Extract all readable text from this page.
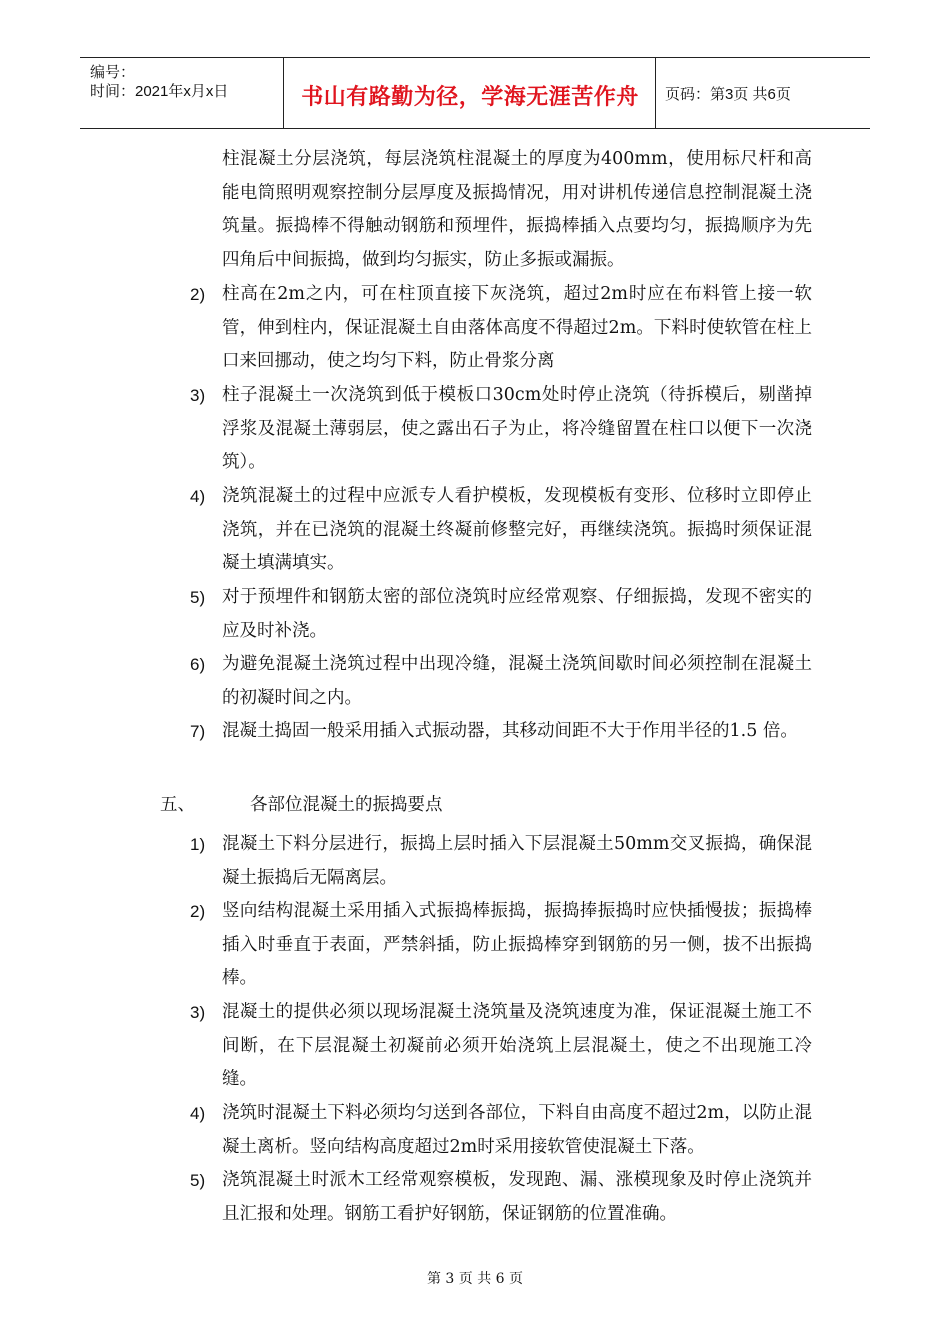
编号：
时间：2021年x月x日	书山有路勤为径，学海无涯苦作舟	页码：第3页 共6页
柱混凝土分层浇筑，每层浇筑柱混凝土的厚度为400mm，使用标尺杆和高能电筒照明观察控制分层厚度及振捣情况，用对讲机传递信息控制混凝土浇筑量。振捣棒不得触动钢筋和预埋件，振捣棒插入点要均匀，振捣顺序为先四角后中间振捣，做到均匀振实，防止多振或漏振。
2) 柱高在2m之内，可在柱顶直接下灰浇筑，超过2m时应在布料管上接一软管，伸到柱内，保证混凝土自由落体高度不得超过2m。下料时使软管在柱上口来回挪动，使之均匀下料，防止骨浆分离
3) 柱子混凝土一次浇筑到低于模板口30cm处时停止浇筑（待拆模后，剔凿掉浮浆及混凝土薄弱层，使之露出石子为止，将冷缝留置在柱口以便下一次浇筑）。
4) 浇筑混凝土的过程中应派专人看护模板，发现模板有变形、位移时立即停止浇筑，并在已浇筑的混凝土终凝前修整完好，再继续浇筑。振捣时须保证混凝土填满填实。
5) 对于预埋件和钢筋太密的部位浇筑时应经常观察、仔细振捣，发现不密实的应及时补浇。
6) 为避免混凝土浇筑过程中出现冷缝，混凝土浇筑间歇时间必须控制在混凝土的初凝时间之内。
7) 混凝土捣固一般采用插入式振动器，其移动间距不大于作用半径的1.5 倍。
五、	各部位混凝土的振捣要点
1) 混凝土下料分层进行，振捣上层时插入下层混凝土50mm交叉振捣，确保混凝土振捣后无隔离层。
2) 竖向结构混凝土采用插入式振捣棒振捣，振捣捧振捣时应快插慢拔；振捣棒插入时垂直于表面，严禁斜插，防止振捣棒穿到钢筋的另一侧，拔不出振捣棒。
3) 混凝土的提供必须以现场混凝土浇筑量及浇筑速度为准，保证混凝土施工不间断，在下层混凝土初凝前必须开始浇筑上层混凝土，使之不出现施工冷缝。
4) 浇筑时混凝土下料必须均匀送到各部位，下料自由高度不超过2m，以防止混凝土离析。竖向结构高度超过2m时采用接软管使混凝土下落。
5) 浇筑混凝土时派木工经常观察模板，发现跑、漏、涨模现象及时停止浇筑并且汇报和处理。钢筋工看护好钢筋，保证钢筋的位置准确。
第 3 页 共 6 页
